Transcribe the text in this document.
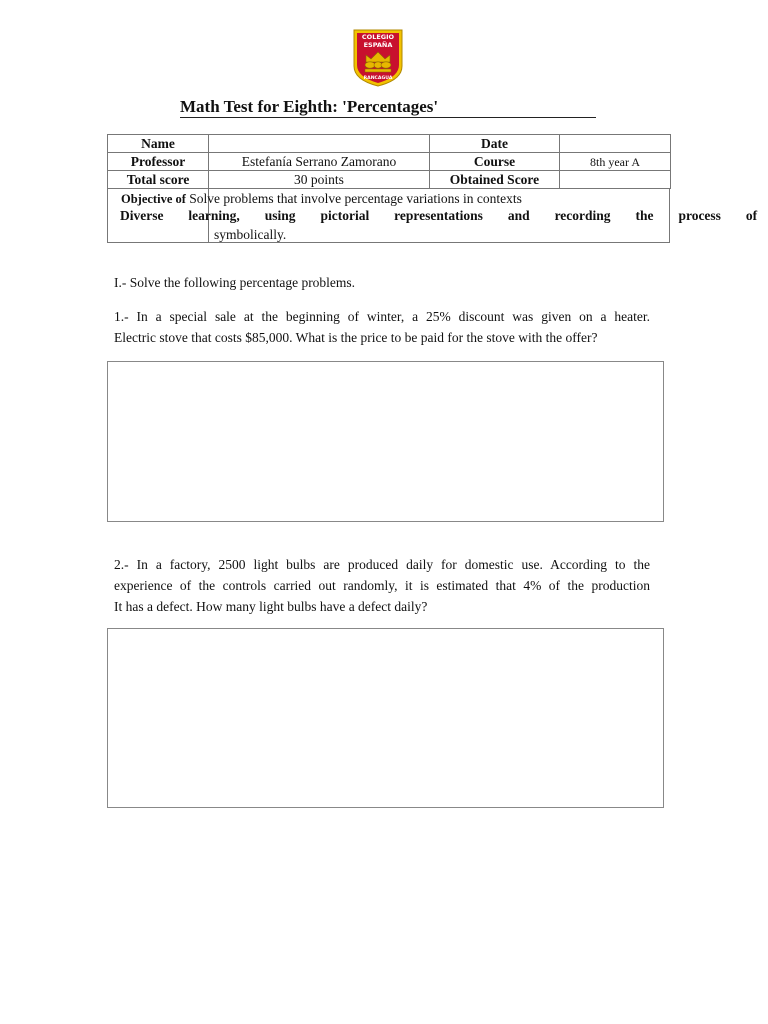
COLEGIO
ESPAÑA
RANCAGUA
Math Test for Eighth: 'Percentages'
Name		Date	
Professor	Estefanía Serrano Zamorano	Course	8th year A
Total score	30 points	Obtained Score	
Objective of Solve problems that involve percentage variations in contexts
Diverse learning, using pictorial representations and recording the process of
symbolically.
I.- Solve the following percentage problems.
1.- In a special sale at the beginning of winter, a 25% discount was given on a heater.
Electric stove that costs $85,000. What is the price to be paid for the stove with the offer?
2.- In a factory, 2500 light bulbs are produced daily for domestic use. According to the
experience of the controls carried out randomly, it is estimated that 4% of the production
It has a defect. How many light bulbs have a defect daily?
